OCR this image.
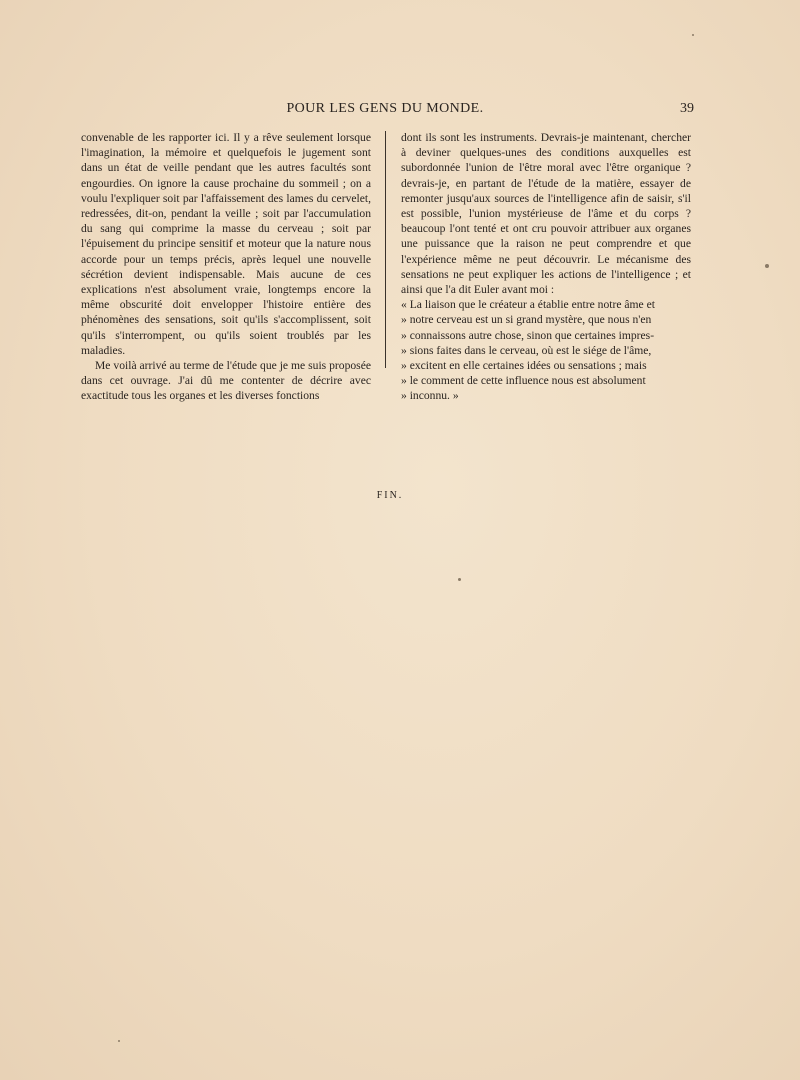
POUR LES GENS DU MONDE.	39

convenable de les rapporter ici. Il y a rêve seulement lorsque l'imagination, la mémoire et quelquefois le jugement sont dans un état de veille pendant que les autres facultés sont engourdies. On ignore la cause prochaine du sommeil ; on a voulu l'expliquer soit par l'affaissement des lames du cervelet, redressées, dit-on, pendant la veille ; soit par l'accumulation du sang qui comprime la masse du cerveau ; soit par l'épuisement du principe sensitif et moteur que la nature nous accorde pour un temps précis, après lequel une nouvelle sécrétion devient indispensable. Mais aucune de ces explications n'est absolument vraie, longtemps encore la même obscurité doit envelopper l'histoire entière des phénomènes des sensations, soit qu'ils s'accomplissent, soit qu'ils s'interrompent, ou qu'ils soient troublés par les maladies.

Me voilà arrivé au terme de l'étude que je me suis proposée dans cet ouvrage. J'ai dû me contenter de décrire avec exactitude tous les organes et les diverses fonctions

dont ils sont les instruments. Devrais-je maintenant, chercher à deviner quelques-unes des conditions auxquelles est subordonnée l'union de l'être moral avec l'être organique ? devrais-je, en partant de l'étude de la matière, essayer de remonter jusqu'aux sources de l'intelligence afin de saisir, s'il est possible, l'union mystérieuse de l'âme et du corps ? beaucoup l'ont tenté et ont cru pouvoir attribuer aux organes une puissance que la raison ne peut comprendre et que l'expérience même ne peut découvrir. Le mécanisme des sensations ne peut expliquer les actions de l'intelligence ; et ainsi que l'a dit Euler avant moi :

« La liaison que le créateur a établie entre notre âme et
» notre cerveau est un si grand mystère, que nous n'en
» connaissons autre chose, sinon que certaines impres-
» sions faites dans le cerveau, où est le siége de l'âme,
» excitent en elle certaines idées ou sensations ; mais
» le comment de cette influence nous est absolument
» inconnu. »

FIN.
